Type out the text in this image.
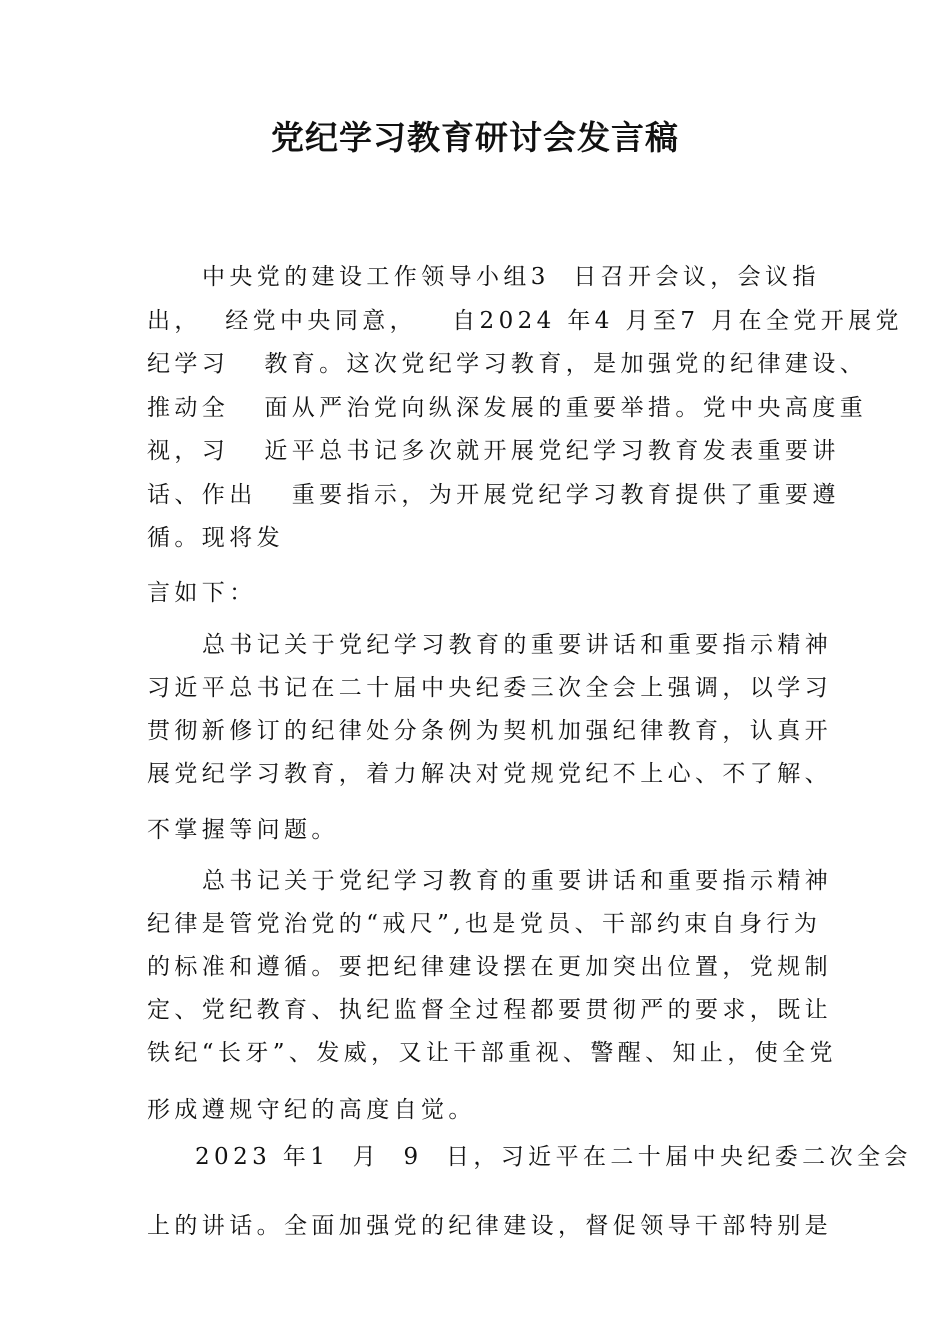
党纪学习教育研讨会发言稿
中央党的建设工作领导小组3  日召开会议，会议指
出，  经党中央同意，   自2024 年4 月至7 月在全党开展党
纪学习   教育。这次党纪学习教育，是加强党的纪律建设、
推动全   面从严治党向纵深发展的重要举措。党中央高度重
视，习   近平总书记多次就开展党纪学习教育发表重要讲
话、作出   重要指示，为开展党纪学习教育提供了重要遵
循。现将发
言如下：
总书记关于党纪学习教育的重要讲话和重要指示精神
习近平总书记在二十届中央纪委三次全会上强调，以学习
贯彻新修订的纪律处分条例为契机加强纪律教育，认真开
展党纪学习教育，着力解决对党规党纪不上心、不了解、
不掌握等问题。
总书记关于党纪学习教育的重要讲话和重要指示精神
纪律是管党治党的“戒尺”,也是党员、干部约束自身行为
的标准和遵循。要把纪律建设摆在更加突出位置，党规制
定、党纪教育、执纪监督全过程都要贯彻严的要求，既让
铁纪“长牙”、发威，又让干部重视、警醒、知止，使全党
形成遵规守纪的高度自觉。
2023 年1  月  9  日，习近平在二十届中央纪委二次全会
上的讲话。全面加强党的纪律建设，督促领导干部特别是
